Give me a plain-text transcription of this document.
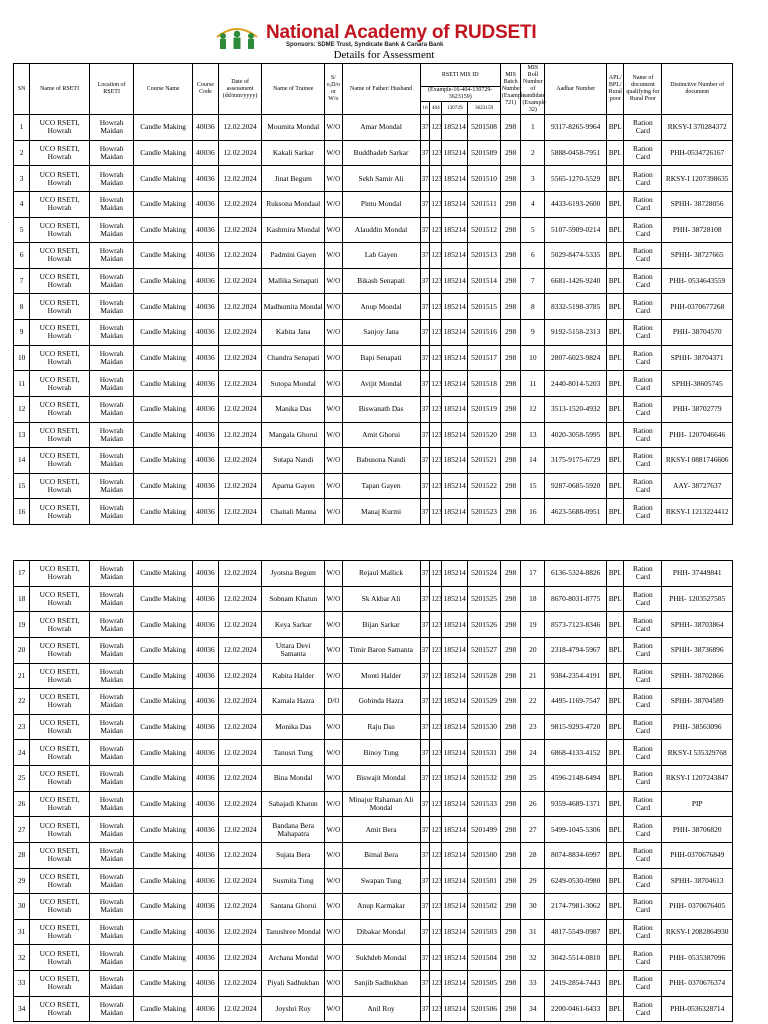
National Academy of RUDSETI
Sponsors: SDME Trust, Syndicate Bank & Canara Bank
Details for Assessment
SN	Name of RSETI	Location of RSETI	Course Name	Course Code	Date of assessment (dd/mm/yyyy)	Name of Trainee	S/ o,D/o or W/o	Name of Father/ Husband	RSETI MIS ID				MIS Batch Number (Example 721)	MIS Roll Number of candidate (Example 32)	Aadhar Number	APL/ BPL/ Rural poor	Name of document qualifying for Rural Poor	Distinctive Number of document
									(Example-16-404-130729-3623159)									
									16	404	130729	3623159						
1	UCO RSETI, Howrah	Howrah Maidan	Candle Making	40036	12.02.2024	Moumita Mondal	W/O	Amar Mondal	37	123	185214	5201508	298	1	9317-8265-9964	BPL	Ration Card	RKSY-I 370284372
2	UCO RSETI, Howrah	Howrah Maidan	Candle Making	40036	12.02.2024	Kakali Sarkar	W/O	Buddhadeb Sarkar	37	123	185214	5201509	298	2	5888-0458-7951	BPL	Ration Card	PHH-0534726167
3	UCO RSETI, Howrah	Howrah Maidan	Candle Making	40036	12.02.2024	Jinat Begum	W/O	Sekh Samir Ali	37	123	185214	5201510	298	3	5565-1270-5529	BPL	Ration Card	RKSY-I 1207398635
4	UCO RSETI, Howrah	Howrah Maidan	Candle Making	40036	12.02.2024	Ruksona Mondaal	W/O	Pintu Mondal	37	123	185214	5201511	298	4	4433-6193-2600	BPL	Ration Card	SPHH- 38728056
5	UCO RSETI, Howrah	Howrah Maidan	Candle Making	40036	12.02.2024	Kashmira Mondal	W/O	Alauddin Mondal	37	123	185214	5201512	298	5	5107-5909-0214	BPL	Ration Card	PHH- 38728108
6	UCO RSETI, Howrah	Howrah Maidan	Candle Making	40036	12.02.2024	Padmini Gayen	W/O	Lab Gayen	37	123	185214	5201513	298	6	5029-8474-5335	BPL	Ration Card	SPHH- 38727665
7	UCO RSETI, Howrah	Howrah Maidan	Candle Making	40036	12.02.2024	Mallika Senapati	W/O	Bikash Senapati	37	123	185214	5201514	298	7	6681-1426-9240	BPL	Ration Card	PHH- 0534643559
8	UCO RSETI, Howrah	Howrah Maidan	Candle Making	40036	12.02.2024	Madhumita Mondal	W/O	Anup Mondal	37	123	185214	5201515	298	8	8332-5198-3785	BPL	Ration Card	PHH-0370677268
9	UCO RSETI, Howrah	Howrah Maidan	Candle Making	40036	12.02.2024	Kabita Jana	W/O	Sanjoy Jana	37	123	185214	5201516	298	9	9192-5158-2313	BPL	Ration Card	PHH- 38704570
10	UCO RSETI, Howrah	Howrah Maidan	Candle Making	40036	12.02.2024	Chandra Senapati	W/O	Bapi Senapati	37	123	185214	5201517	298	10	2807-6023-9824	BPL	Ration Card	SPHH- 38704371
11	UCO RSETI, Howrah	Howrah Maidan	Candle Making	40036	12.02.2024	Sutopa Mondal	W/O	Avijit Mondal	37	123	185214	5201518	298	11	2440-8014-5203	BPL	Ration Card	SPHH-38605745
12	UCO RSETI, Howrah	Howrah Maidan	Candle Making	40036	12.02.2024	Manika Das	W/O	Biswanath Das	37	123	185214	5201519	298	12	3513-1520-4932	BPL	Ration Card	PHH- 38702779
13	UCO RSETI, Howrah	Howrah Maidan	Candle Making	40036	12.02.2024	Mangala Ghorui	W/O	Amit Ghorui	37	123	185214	5201520	298	13	4020-3058-5995	BPL	Ration Card	PHH- 1207046646
14	UCO RSETI, Howrah	Howrah Maidan	Candle Making	40036	12.02.2024	Sutapa Nandi	W/O	Babusona Nandi	37	123	185214	5201521	298	14	3175-9175-6729	BPL	Ration Card	RKSY-I 0881746606
15	UCO RSETI, Howrah	Howrah Maidan	Candle Making	40036	12.02.2024	Aparna Gayen	W/O	Tapan Gayen	37	123	185214	5201522	298	15	9287-0685-5920	BPL	Ration Card	AAY- 38727637
16	UCO RSETI, Howrah	Howrah Maidan	Candle Making	40036	12.02.2024	Chaitali Manna	W/O	Manaj Kurmi	37	123	185214	5201523	298	16	4623-5688-0951	BPL	Ration Card	RKSY-I 1213224412
17	UCO RSETI, Howrah	Howrah Maidan	Candle Making	40036	12.02.2024	Jyotsna Begum	W/O	Rejaul Mallick	37	123	185214	5201524	298	17	6136-5324-8826	BPL	Ration Card	PHH- 37449841
18	UCO RSETI, Howrah	Howrah Maidan	Candle Making	40036	12.02.2024	Sobnam Khatun	W/O	Sk Akbar Ali	37	123	185214	5201525	298	18	8670-8031-8775	BPL	Ration Card	PHH- 1203527505
19	UCO RSETI, Howrah	Howrah Maidan	Candle Making	40036	12.02.2024	Keya Sarkar	W/O	Bijan Sarkar	37	123	185214	5201526	298	19	8573-7123-8346	BPL	Ration Card	SPHH- 38703864
20	UCO RSETI, Howrah	Howrah Maidan	Candle Making	40036	12.02.2024	Uttara Devi Samanta	W/O	Timir Baron Samanta	37	123	185214	5201527	298	20	2318-4794-5967	BPL	Ration Card	SPHH- 38736896
21	UCO RSETI, Howrah	Howrah Maidan	Candle Making	40036	12.02.2024	Kabita Halder	W/O	Monti Halder	37	123	185214	5201528	298	21	9384-2354-4191	BPL	Ration Card	SPHH- 38702866
22	UCO RSETI, Howrah	Howrah Maidan	Candle Making	40036	12.02.2024	Kamala Hazra	D/O	Gobinda Hazra	37	123	185214	5201529	298	22	4495-1169-7547	BPL	Ration Card	SPHH- 38704589
23	UCO RSETI, Howrah	Howrah Maidan	Candle Making	40036	12.02.2024	Monika Das	W/O	Raju Das	37	123	185214	5201530	298	23	9815-9293-4720	BPL	Ration Card	PHH- 38563096
24	UCO RSETI, Howrah	Howrah Maidan	Candle Making	40036	12.02.2024	Tanusri Tung	W/O	Binoy Tung	37	123	185214	5201531	298	24	6868-4133-4152	BPL	Ration Card	RKSY-I 535329768
25	UCO RSETI, Howrah	Howrah Maidan	Candle Making	40036	12.02.2024	Bina Mondal	W/O	Biswajit Mondal	37	123	185214	5201532	298	25	4596-2148-6494	BPL	Ration Card	RKSY-I 1207243847
26	UCO RSETI, Howrah	Howrah Maidan	Candle Making	40036	12.02.2024	Sahajadi Khatun	W/O	Minajur Rahaman Ali Mondal	37	123	185214	5201533	298	26	9359-4689-1371	BPL	Ration Card	PIP
27	UCO RSETI, Howrah	Howrah Maidan	Candle Making	40036	12.02.2024	Bandana Bera Mahapatra	W/O	Amit Bera	37	123	185214	5201499	298	27	5499-1045-5306	BPL	Ration Card	PHH- 38706820
28	UCO RSETI, Howrah	Howrah Maidan	Candle Making	40036	12.02.2024	Sujata Bera	W/O	Bimal Bera	37	123	185214	5201500	298	28	8074-8834-6997	BPL	Ration Card	PHH-0370676849
29	UCO RSETI, Howrah	Howrah Maidan	Candle Making	40036	12.02.2024	Susmita Tung	W/O	Swapan Tung	37	123	185214	5201501	298	29	6249-0530-0980	BPL	Ration Card	SPHH- 38704613
30	UCO RSETI, Howrah	Howrah Maidan	Candle Making	40036	12.02.2024	Santana Ghorui	W/O	Anup Karmakar	37	123	185214	5201502	298	30	2174-7981-3062	BPL	Ration Card	PHH- 0370676405
31	UCO RSETI, Howrah	Howrah Maidan	Candle Making	40036	12.02.2024	Tanushree Mondal	W/O	Dibakar Mondal	37	123	185214	5201503	298	31	4817-5549-0987	BPL	Ration Card	RKSY-I 2082864930
32	UCO RSETI, Howrah	Howrah Maidan	Candle Making	40036	12.02.2024	Archana Mondal	W/O	Sukhdeb Mondal	37	123	185214	5201504	298	32	3042-5514-0810	BPL	Ration Card	PHH- 0535387096
33	UCO RSETI, Howrah	Howrah Maidan	Candle Making	40036	12.02.2024	Piyali Sadhukhan	W/O	Sanjib Sadhukhan	37	123	185214	5201505	298	33	2419-2854-7443	BPL	Ration Card	PHH- 0370676374
34	UCO RSETI, Howrah	Howrah Maidan	Candle Making	40036	12.02.2024	Joyshri Roy	W/O	Anil Roy	37	123	185214	5201506	298	34	2200-0461-6433	BPL	Ration Card	PHH-0536328714
